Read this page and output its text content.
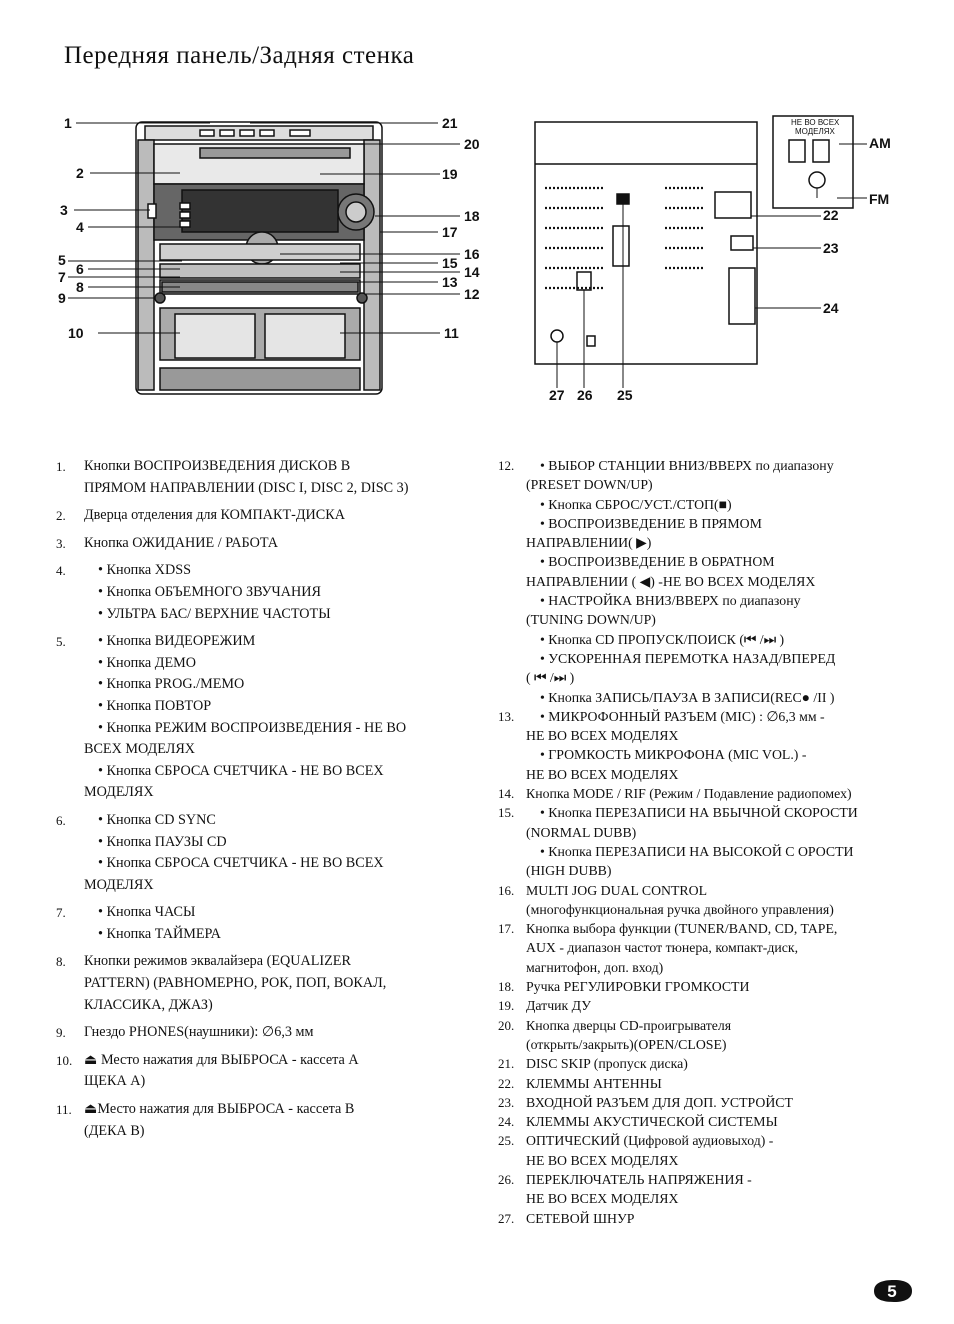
Передняя панель/Задняя стенка
1
2
3
4
5
6
7
8
9
10	11
12
13
14
15
16
17
18
19
20
21	НЕ ВО ВСЕХ
МОДЕЛЯХ
AM
FM
22
23
24
25
26
27
1. Кнопки ВОСПРОИЗВЕДЕНИЯ ДИСКОВ В
ПРЯМОМ НАПРАВЛЕНИИ (DISC I, DISC 2, DISC 3)
2. Дверца отделения для КОМПАКТ-ДИСКА
3. Кнопка ОЖИДАНИЕ / РАБОТА
4.	• Кнопка XDSS
• Кнопка ОБЪЕМНОГО ЗВУЧАНИЯ
• УЛЬТРА БАС/ ВЕРХНИЕ ЧАСТОТЫ
5.	• Кнопка ВИДЕОРЕЖИМ
• Кнопка ДЕМО
• Кнопка PROG./MEMO
• Кнопка ПОВТОР
• Кнопка РЕЖИМ ВОСПРОИЗВЕДЕНИЯ - НЕ ВО
ВСЕХ МОДЕЛЯХ
• Кнопка СБРОСА СЧЕТЧИКА - НЕ ВО ВСЕХ
МОДЕЛЯХ
6.	• Кнопка CD SYNC
• Кнопка ПАУЗЫ CD
• Кнопка СБРОСА СЧЕТЧИКА - НЕ ВО ВСЕХ
МОДЕЛЯХ
7.	• Кнопка ЧАСЫ
• Кнопка ТАЙМЕРА
8. Кнопки режимов эквалайзера (EQUALIZER
PATTERN) (РАВНОМЕРНО, РОК, ПОП, ВОКАЛ,
КЛАССИКА, ДЖАЗ)
9. Гнездо PHONES(наушники): ∅6,3 мм
10. ⏏ Место нажатия для ВЫБРОСА - кассета А
ЩЕКА А)
11. ⏏Место нажатия для ВЫБРОСА - кассета В
(ДЕКА В)
12.	• ВЫБОР СТАНЦИИ ВНИЗ/ВВЕРХ по диапазону
(PRESET DOWN/UP)
• Кнопка СБРОС/УСТ./СТОП(■)
• ВОСПРОИЗВЕДЕНИЕ В ПРЯМОМ
НАПРАВЛЕНИИ( ▶)
• ВОСПРОИЗВЕДЕНИЕ В ОБРАТНОМ
НАПРАВЛЕНИИ ( ◀) -НЕ ВО ВСЕХ МОДЕЛЯХ
• НАСТРОЙКА ВНИЗ/ВВЕРХ по диапазону
(TUNING DOWN/UP)
• Кнопка CD ПРОПУСК/ПОИСК (⏮ /⏭ )
• УСКОРЕННАЯ ПЕРЕМОТКА НАЗАД/ВПЕРЕД
( ⏮ /⏭ )
• Кнопка ЗАПИСЬ/ПАУЗА В ЗАПИСИ(REC● /II )
13.	• МИКРОФОННЫЙ РАЗЪЕМ (MIC) : ∅6,3 мм -
НЕ ВО ВСЕХ МОДЕЛЯХ
• ГРОМКОСТЬ МИКРОФОНА (MIC VOL.) -
НЕ ВО ВСЕХ МОДЕЛЯХ
14. Кнопка MODE / RIF (Режим / Подавление радиопомех)
15.	• Кнопка ПЕРЕЗАПИСИ НА ВБЫЧНОЙ СКОРОСТИ
(NORMAL DUBB)
• Кнопка ПЕРЕЗАПИСИ НА ВЫСОКОЙ С ОРОСТИ
(HIGH DUBB)
16. MULTI JOG DUAL CONTROL
(многофункциональная ручка двойного управления)
17. Кнопка выбора функции (TUNER/BAND, CD, TAPE,
AUX - диапазон частот тюнера, компакт-диск,
магнитофон, доп. вход)
18. Ручка РЕГУЛИРОВКИ ГРОМКОСТИ
19. Датчик ДУ
20. Кнопка дверцы CD-проигрывателя
(открыть/закрыть)(OPEN/CLOSE)
21. DISC SKIP (пропуск диска)
22. КЛЕММЫ АНТЕННЫ
23. ВХОДНОЙ РАЗЪЕМ ДЛЯ ДОП. УСТРОЙСТ
24. КЛЕММЫ АКУСТИЧЕСКОЙ СИСТЕМЫ
25. ОПТИЧЕСКИЙ (Цифровой аудиовыход) -
НЕ ВО ВСЕХ МОДЕЛЯХ
26. ПЕРЕКЛЮЧАТЕЛЬ НАПРЯЖЕНИЯ -
НЕ ВО ВСЕХ МОДЕЛЯХ
27. СЕТЕВОЙ ШНУР
5
